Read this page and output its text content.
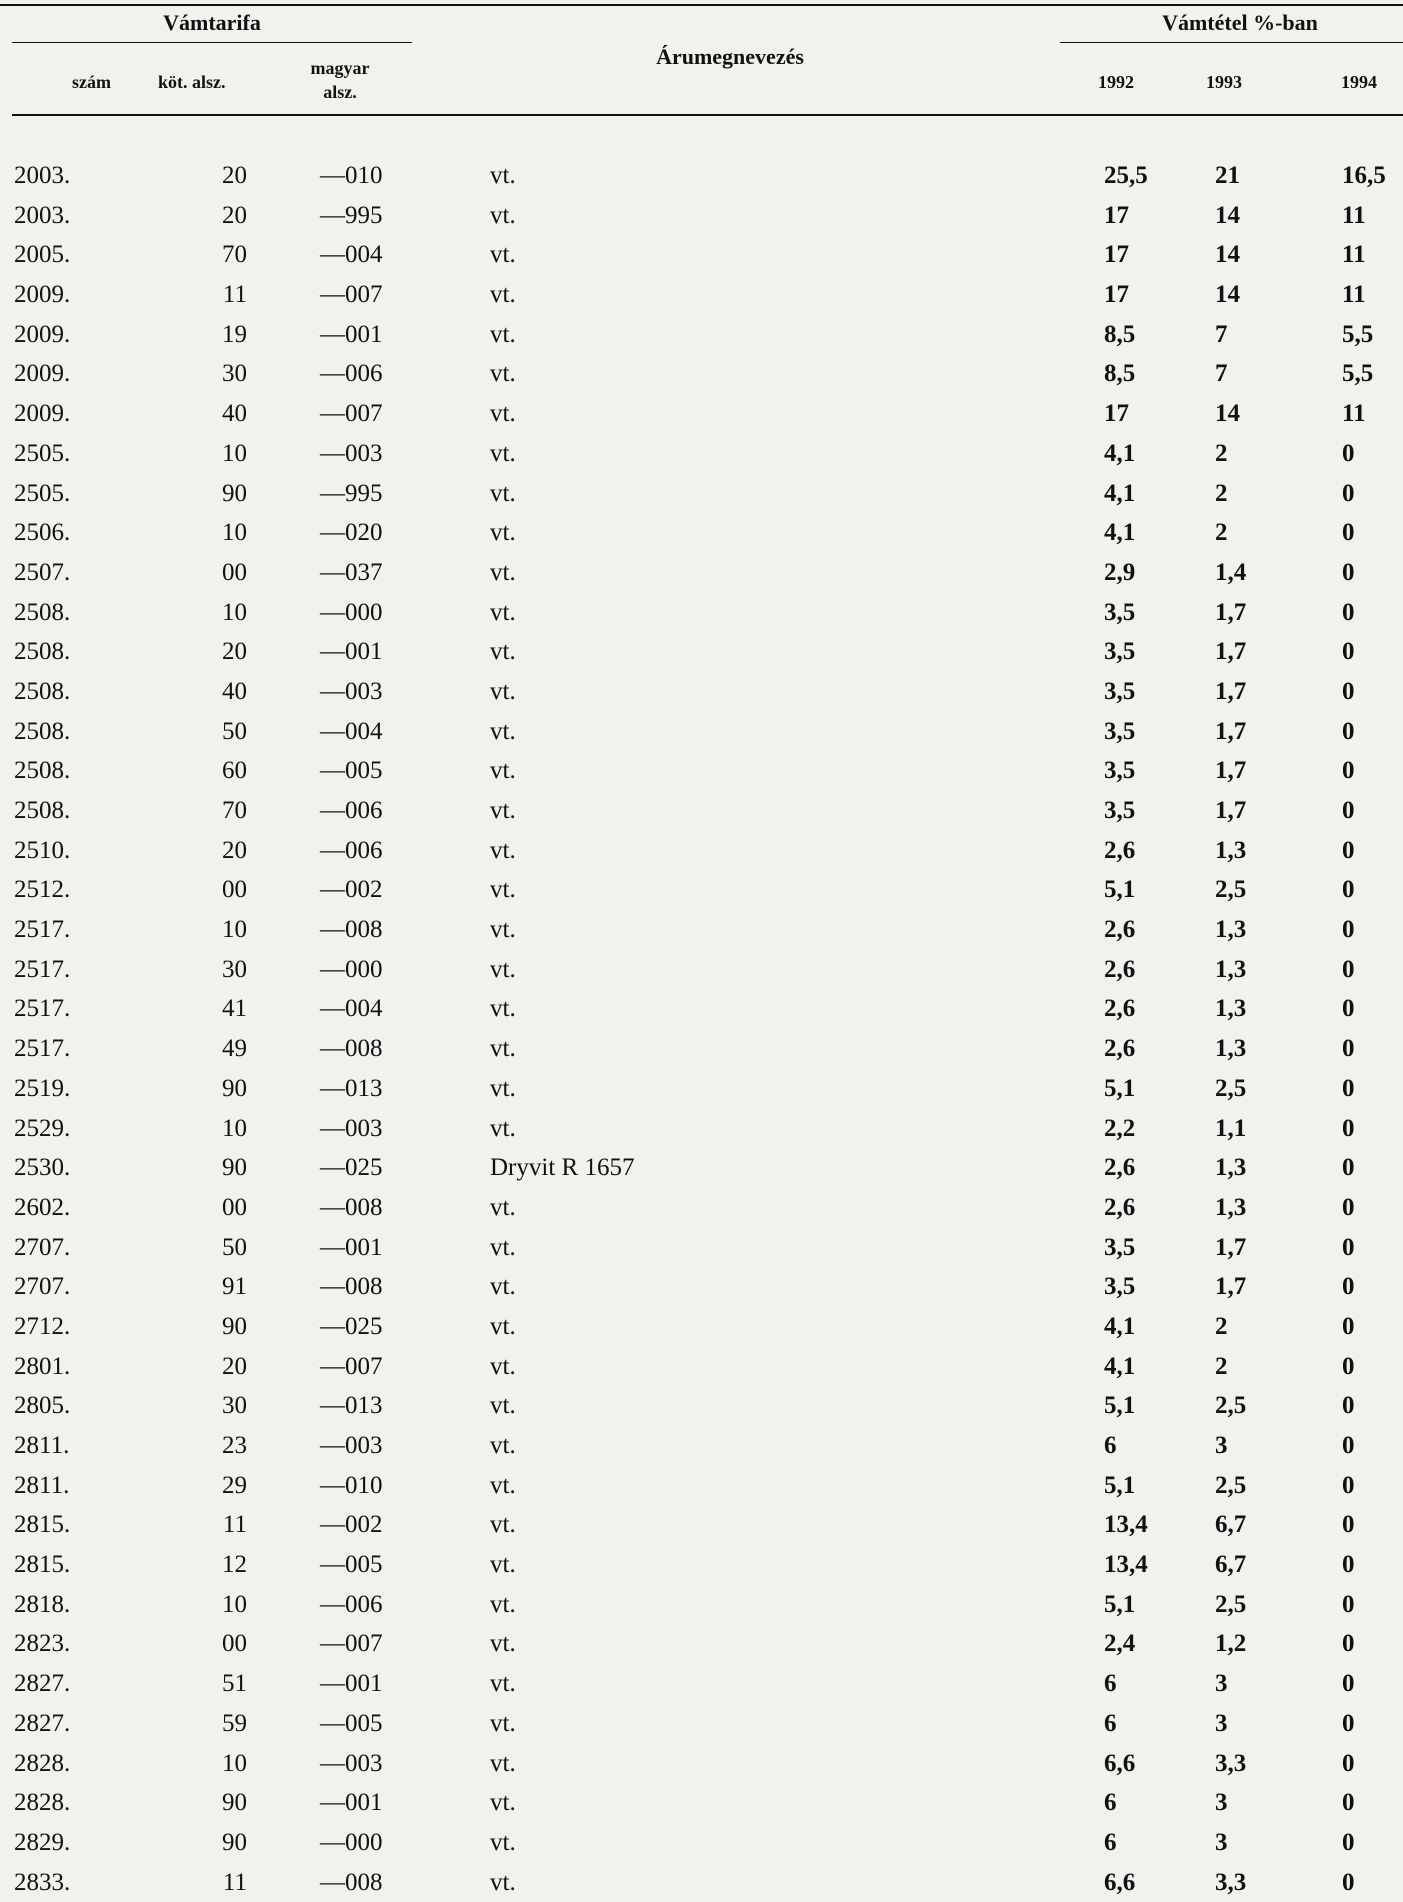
Vámtarifa
szám	köt. alsz.
magyar
alsz.
Árumegnevezés
Vámtétel %-ban
1992	1993	1994
2003.	20	—010	vt.	25,5	21	16,5
2003.	20	—995	vt.	17	14	11
2005.	70	—004	vt.	17	14	11
2009.	11	—007	vt.	17	14	11
2009.	19	—001	vt.	8,5	7	5,5
2009.	30	—006	vt.	8,5	7	5,5
2009.	40	—007	vt.	17	14	11
2505.	10	—003	vt.	4,1	2	0
2505.	90	—995	vt.	4,1	2	0
2506.	10	—020	vt.	4,1	2	0
2507.	00	—037	vt.	2,9	1,4	0
2508.	10	—000	vt.	3,5	1,7	0
2508.	20	—001	vt.	3,5	1,7	0
2508.	40	—003	vt.	3,5	1,7	0
2508.	50	—004	vt.	3,5	1,7	0
2508.	60	—005	vt.	3,5	1,7	0
2508.	70	—006	vt.	3,5	1,7	0
2510.	20	—006	vt.	2,6	1,3	0
2512.	00	—002	vt.	5,1	2,5	0
2517.	10	—008	vt.	2,6	1,3	0
2517.	30	—000	vt.	2,6	1,3	0
2517.	41	—004	vt.	2,6	1,3	0
2517.	49	—008	vt.	2,6	1,3	0
2519.	90	—013	vt.	5,1	2,5	0
2529.	10	—003	vt.	2,2	1,1	0
2530.	90	—025	Dryvit R 1657	2,6	1,3	0
2602.	00	—008	vt.	2,6	1,3	0
2707.	50	—001	vt.	3,5	1,7	0
2707.	91	—008	vt.	3,5	1,7	0
2712.	90	—025	vt.	4,1	2	0
2801.	20	—007	vt.	4,1	2	0
2805.	30	—013	vt.	5,1	2,5	0
2811.	23	—003	vt.	6	3	0
2811.	29	—010	vt.	5,1	2,5	0
2815.	11	—002	vt.	13,4	6,7	0
2815.	12	—005	vt.	13,4	6,7	0
2818.	10	—006	vt.	5,1	2,5	0
2823.	00	—007	vt.	2,4	1,2	0
2827.	51	—001	vt.	6	3	0
2827.	59	—005	vt.	6	3	0
2828.	10	—003	vt.	6,6	3,3	0
2828.	90	—001	vt.	6	3	0
2829.	90	—000	vt.	6	3	0
2833.	11	—008	vt.	6,6	3,3	0
